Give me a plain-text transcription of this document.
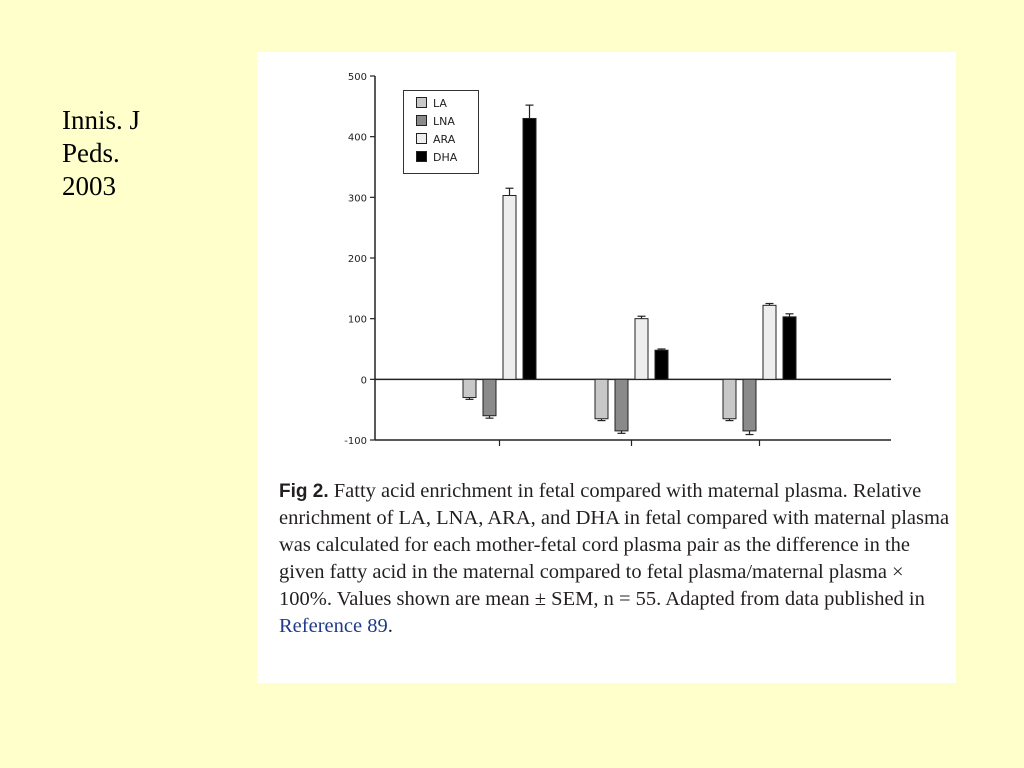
Innis. J
Peds.
2003
500
400
300
200
100
0
-100
LA
LNA
ARA
DHA
Fig 2. Fatty acid enrichment in fetal compared with maternal plasma. Relative enrichment of LA, LNA, ARA, and DHA in fetal compared with maternal plasma was calculated for each mother-fetal cord plasma pair as the difference in the given fatty acid in the maternal compared to fetal plasma/maternal plasma × 100%. Values shown are mean ± SEM, n = 55. Adapted from data published in Reference 89.
